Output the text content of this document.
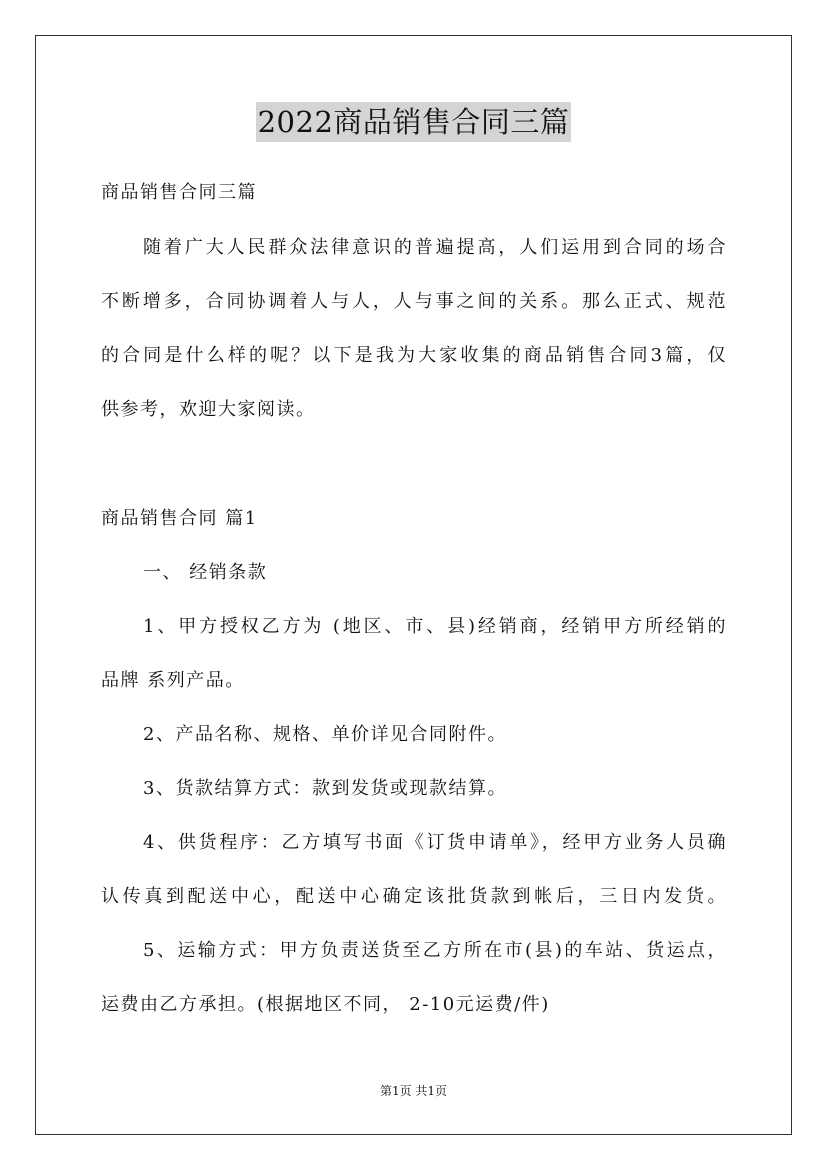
2022商品销售合同三篇
商品销售合同三篇
随着广大人民群众法律意识的普遍提高，人们运用到合同的场合
不断增多，合同协调着人与人，人与事之间的关系。那么正式、规范
的合同是什么样的呢？以下是我为大家收集的商品销售合同3篇，仅
供参考，欢迎大家阅读。
商品销售合同 篇1
一、 经销条款
1、甲方授权乙方为 (地区、市、县)经销商，经销甲方所经销的
品牌 系列产品。
2、产品名称、规格、单价详见合同附件。
3、货款结算方式：款到发货或现款结算。
4、供货程序：乙方填写书面《订货申请单》，经甲方业务人员确
认传真到配送中心，配送中心确定该批货款到帐后，三日内发货。
5、运输方式：甲方负责送货至乙方所在市(县)的车站、货运点，
运费由乙方承担。(根据地区不同， 2-10元运费/件)
第1页 共1页
